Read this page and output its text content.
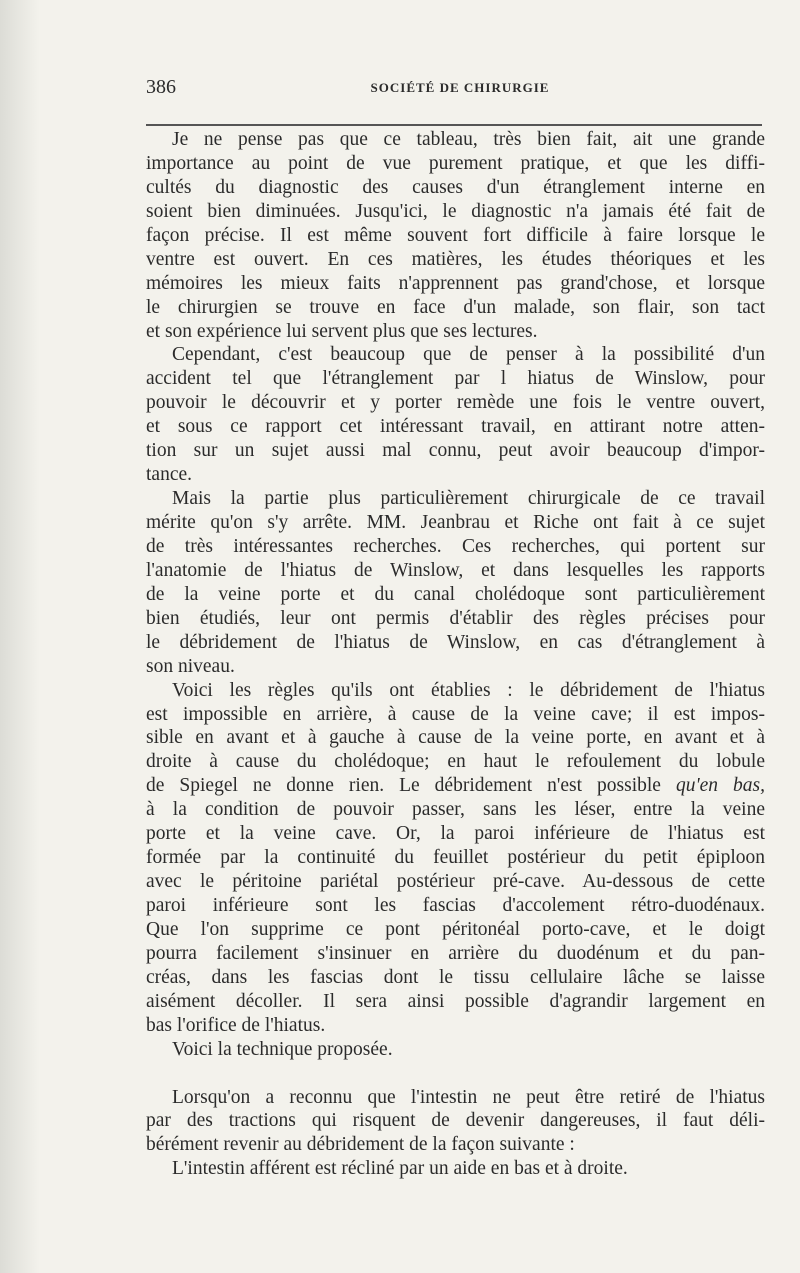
386	SOCIÉTÉ DE CHIRURGIE
Je ne pense pas que ce tableau, très bien fait, ait une grande
importance au point de vue purement pratique, et que les diffi-
cultés du diagnostic des causes d'un étranglement interne en
soient bien diminuées. Jusqu'ici, le diagnostic n'a jamais été fait de
façon précise. Il est même souvent fort difficile à faire lorsque le
ventre est ouvert. En ces matières, les études théoriques et les
mémoires les mieux faits n'apprennent pas grand'chose, et lorsque
le chirurgien se trouve en face d'un malade, son flair, son tact
et son expérience lui servent plus que ses lectures.
Cependant, c'est beaucoup que de penser à la possibilité d'un
accident tel que l'étranglement par l hiatus de Winslow, pour
pouvoir le découvrir et y porter remède une fois le ventre ouvert,
et sous ce rapport cet intéressant travail, en attirant notre atten-
tion sur un sujet aussi mal connu, peut avoir beaucoup d'impor-
tance.
Mais la partie plus particulièrement chirurgicale de ce travail
mérite qu'on s'y arrête. MM. Jeanbrau et Riche ont fait à ce sujet
de très intéressantes recherches. Ces recherches, qui portent sur
l'anatomie de l'hiatus de Winslow, et dans lesquelles les rapports
de la veine porte et du canal cholédoque sont particulièrement
bien étudiés, leur ont permis d'établir des règles précises pour
le débridement de l'hiatus de Winslow, en cas d'étranglement à
son niveau.
Voici les règles qu'ils ont établies : le débridement de l'hiatus
est impossible en arrière, à cause de la veine cave; il est impos-
sible en avant et à gauche à cause de la veine porte, en avant et à
droite à cause du cholédoque; en haut le refoulement du lobule
de Spiegel ne donne rien. Le débridement n'est possible qu'en bas,
à la condition de pouvoir passer, sans les léser, entre la veine
porte et la veine cave. Or, la paroi inférieure de l'hiatus est
formée par la continuité du feuillet postérieur du petit épiploon
avec le péritoine pariétal postérieur pré-cave. Au-dessous de cette
paroi inférieure sont les fascias d'accolement rétro-duodénaux.
Que l'on supprime ce pont péritonéal porto-cave, et le doigt
pourra facilement s'insinuer en arrière du duodénum et du pan-
créas, dans les fascias dont le tissu cellulaire lâche se laisse
aisément décoller. Il sera ainsi possible d'agrandir largement en
bas l'orifice de l'hiatus.
Voici la technique proposée.
Lorsqu'on a reconnu que l'intestin ne peut être retiré de l'hiatus
par des tractions qui risquent de devenir dangereuses, il faut déli-
bérément revenir au débridement de la façon suivante :
L'intestin afférent est récliné par un aide en bas et à droite.
